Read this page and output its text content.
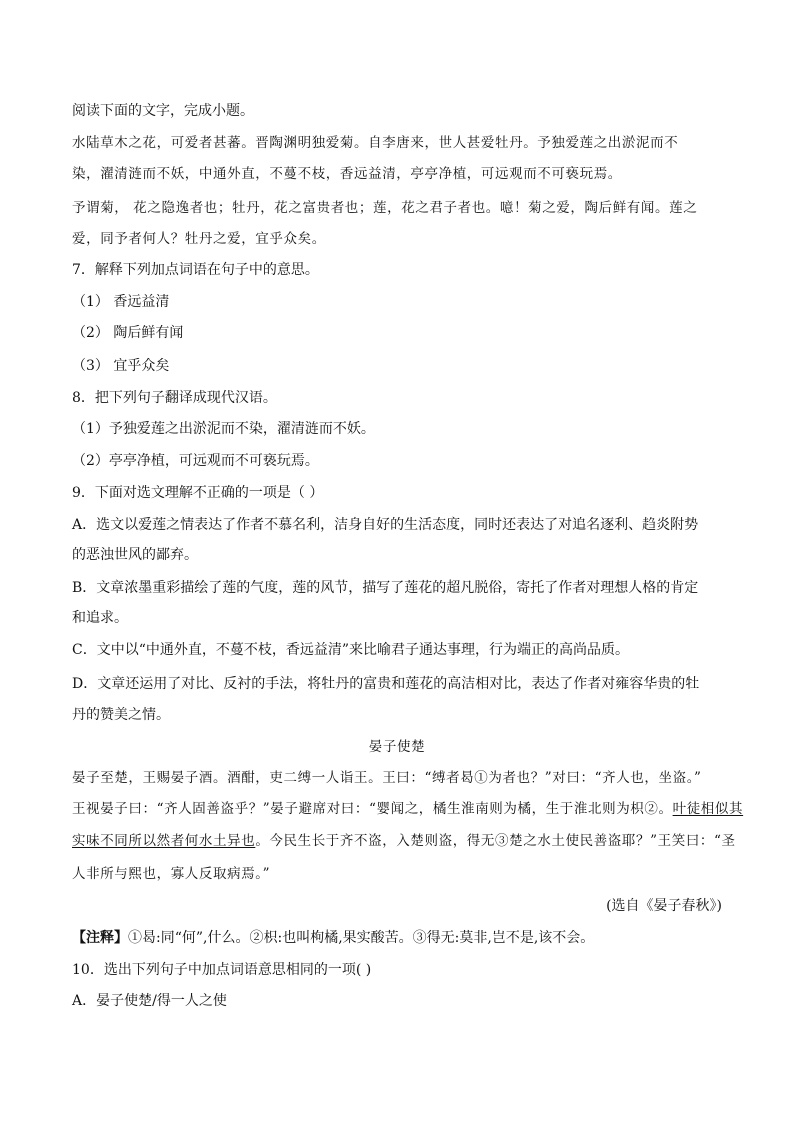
阅读下面的文字，完成小题。
水陆草木之花，可爱者甚蕃。晋陶渊明独爱菊。自李唐来，世人甚爱牡丹。予独爱莲之出淤泥而不
染，濯清涟而不妖，中通外直，不蔓不枝，香远益清，亭亭净植，可远观而不可亵玩焉。
予谓菊， 花之隐逸者也；牡丹，花之富贵者也；莲，花之君子者也。噫！菊之爱，陶后鲜有闻。莲之
爱，同予者何人？牡丹之爱，宜乎众矣。
7．解释下列加点词语在句子中的意思。
（1） 香远益清
（2） 陶后鲜有闻
（3） 宜乎众矣
8．把下列句子翻译成现代汉语。
（1）予独爱莲之出淤泥而不染，濯清涟而不妖。
（2）亭亭净植，可远观而不可亵玩焉。
9．下面对选文理解不正确的一项是（ ）
A．选文以爱莲之情表达了作者不慕名利，洁身自好的生活态度，同时还表达了对追名逐利、趋炎附势
的恶浊世风的鄙弃。
B．文章浓墨重彩描绘了莲的气度，莲的风节，描写了莲花的超凡脱俗，寄托了作者对理想人格的肯定
和追求。
C．文中以“中通外直，不蔓不枝，香远益清”来比喻君子通达事理，行为端正的高尚品质。
D．文章还运用了对比、反衬的手法，将牡丹的富贵和莲花的高洁相对比，表达了作者对雍容华贵的牡
丹的赞美之情。
晏子使楚
晏子至楚，王赐晏子酒。酒酣，吏二缚一人诣王。王曰：“缚者曷①为者也？”对曰：“齐人也，坐盗。”
王视晏子曰：“齐人固善盗乎？”晏子避席对曰：“婴闻之，橘生淮南则为橘，生于淮北则为枳②。叶徒相似其
实味不同所以然者何水土异也。今民生长于齐不盗，入楚则盗，得无③楚之水土使民善盗耶？”王笑曰：“圣
人非所与熙也，寡人反取病焉。”
(选自《晏子春秋》)
【注释】①曷:同“何”,什么。②枳:也叫枸橘,果实酸苦。③得无:莫非,岂不是,该不会。
10．选出下列句子中加点词语意思相同的一项( )
A．晏子使楚/得一人之使
